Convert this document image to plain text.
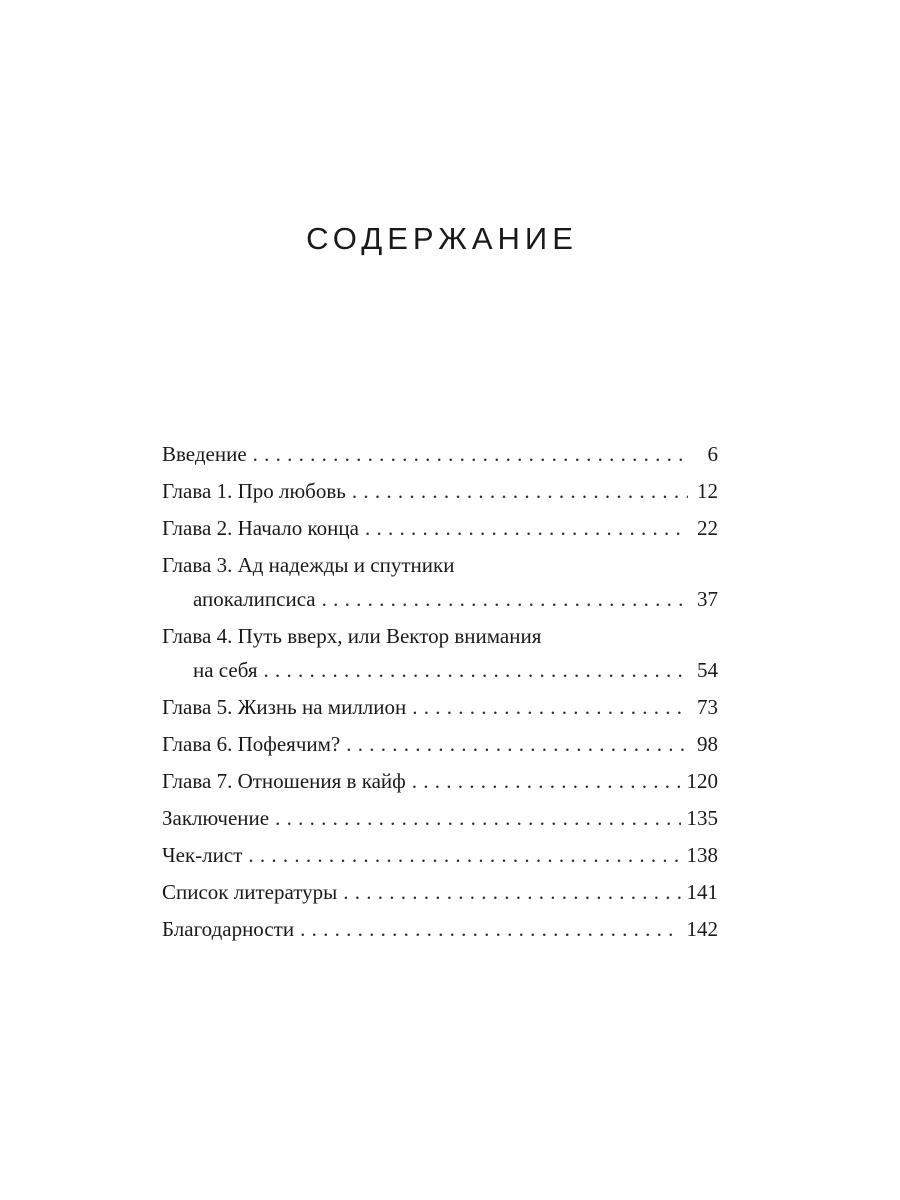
СОДЕРЖАНИЕ
Введение . . .	6
Глава 1. Про любовь . . .	12
Глава 2. Начало конца . . .	22
Глава 3. Ад надежды и спутники
апокалипсиса . . .	37
Глава 4. Путь вверх, или Вектор внимания
на себя . . .	54
Глава 5. Жизнь на миллион . . .	73
Глава 6. Пофеячим? . . .	98
Глава 7. Отношения в кайф . . .	120
Заключение . . .	135
Чек-лист . . .	138
Список литературы . . .	141
Благодарности . . .	142
